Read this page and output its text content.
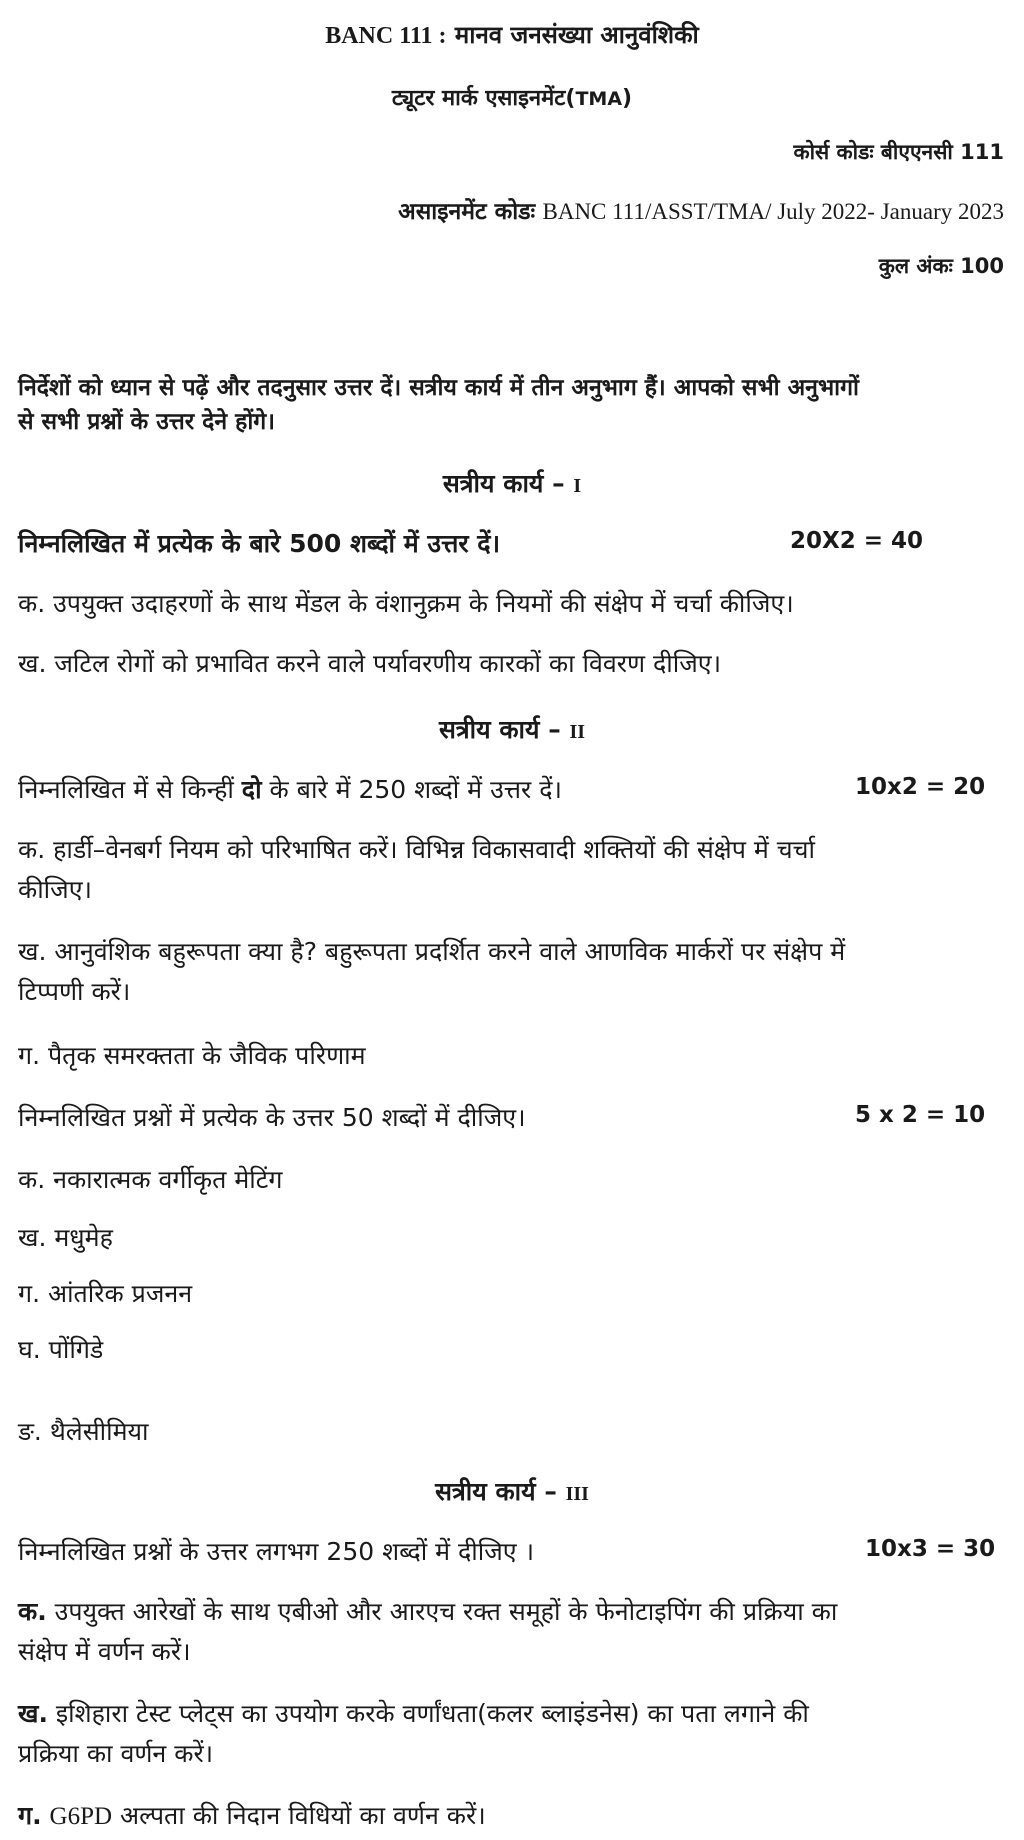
BANC 111 : मानव जनसंख्या आनुवंशिकी
ट्यूटर मार्क एसाइनमेंट(TMA)
कोर्स कोडः बीएएनसी 111
असाइनमेंट कोडः BANC 111/ASST/TMA/ July 2022- January 2023
कुल अंकः 100
निर्देशों को ध्यान से पढ़ें और तदनुसार उत्तर दें। सत्रीय कार्य में तीन अनुभाग हैं। आपको सभी अनुभागों
से सभी प्रश्नों के उत्तर देने होंगे।
सत्रीय कार्य – I
निम्नलिखित में प्रत्येक के बारे 500 शब्दों में उत्तर दें।	20X2 = 40
क. उपयुक्त उदाहरणों के साथ मेंडल के वंशानुक्रम के नियमों की संक्षेप में चर्चा कीजिए।
ख. जटिल रोगों को प्रभावित करने वाले पर्यावरणीय कारकों का विवरण दीजिए।
सत्रीय कार्य – II
निम्नलिखित में से किन्हीं दो के बारे में 250 शब्दों में उत्तर दें।	10x2 = 20
क. हार्डी–वेनबर्ग नियम को परिभाषित करें। विभिन्न विकासवादी शक्तियों की संक्षेप में चर्चा
कीजिए।
ख. आनुवंशिक बहुरूपता क्या है? बहुरूपता प्रदर्शित करने वाले आणविक मार्करों पर संक्षेप में
टिप्पणी करें।
ग. पैतृक समरक्तता के जैविक परिणाम
निम्नलिखित प्रश्नों में प्रत्येक के उत्तर 50 शब्दों में दीजिए।	5 x 2 = 10
क. नकारात्मक वर्गीकृत मेटिंग
ख. मधुमेह
ग. आंतरिक प्रजनन
घ. पोंगिडे
ङ. थैलेसीमिया
सत्रीय कार्य – III
निम्नलिखित प्रश्नों के उत्तर लगभग 250 शब्दों में दीजिए ।	10x3 = 30
क. उपयुक्त आरेखों के साथ एबीओ और आरएच रक्त समूहों के फेनोटाइपिंग की प्रक्रिया का
संक्षेप में वर्णन करें।
ख. इशिहारा टेस्ट प्लेट्स का उपयोग करके वर्णांधता(कलर ब्लाइंडनेस) का पता लगाने की
प्रक्रिया का वर्णन करें।
ग. G6PD अल्पता की निदान विधियों का वर्णन करें।
